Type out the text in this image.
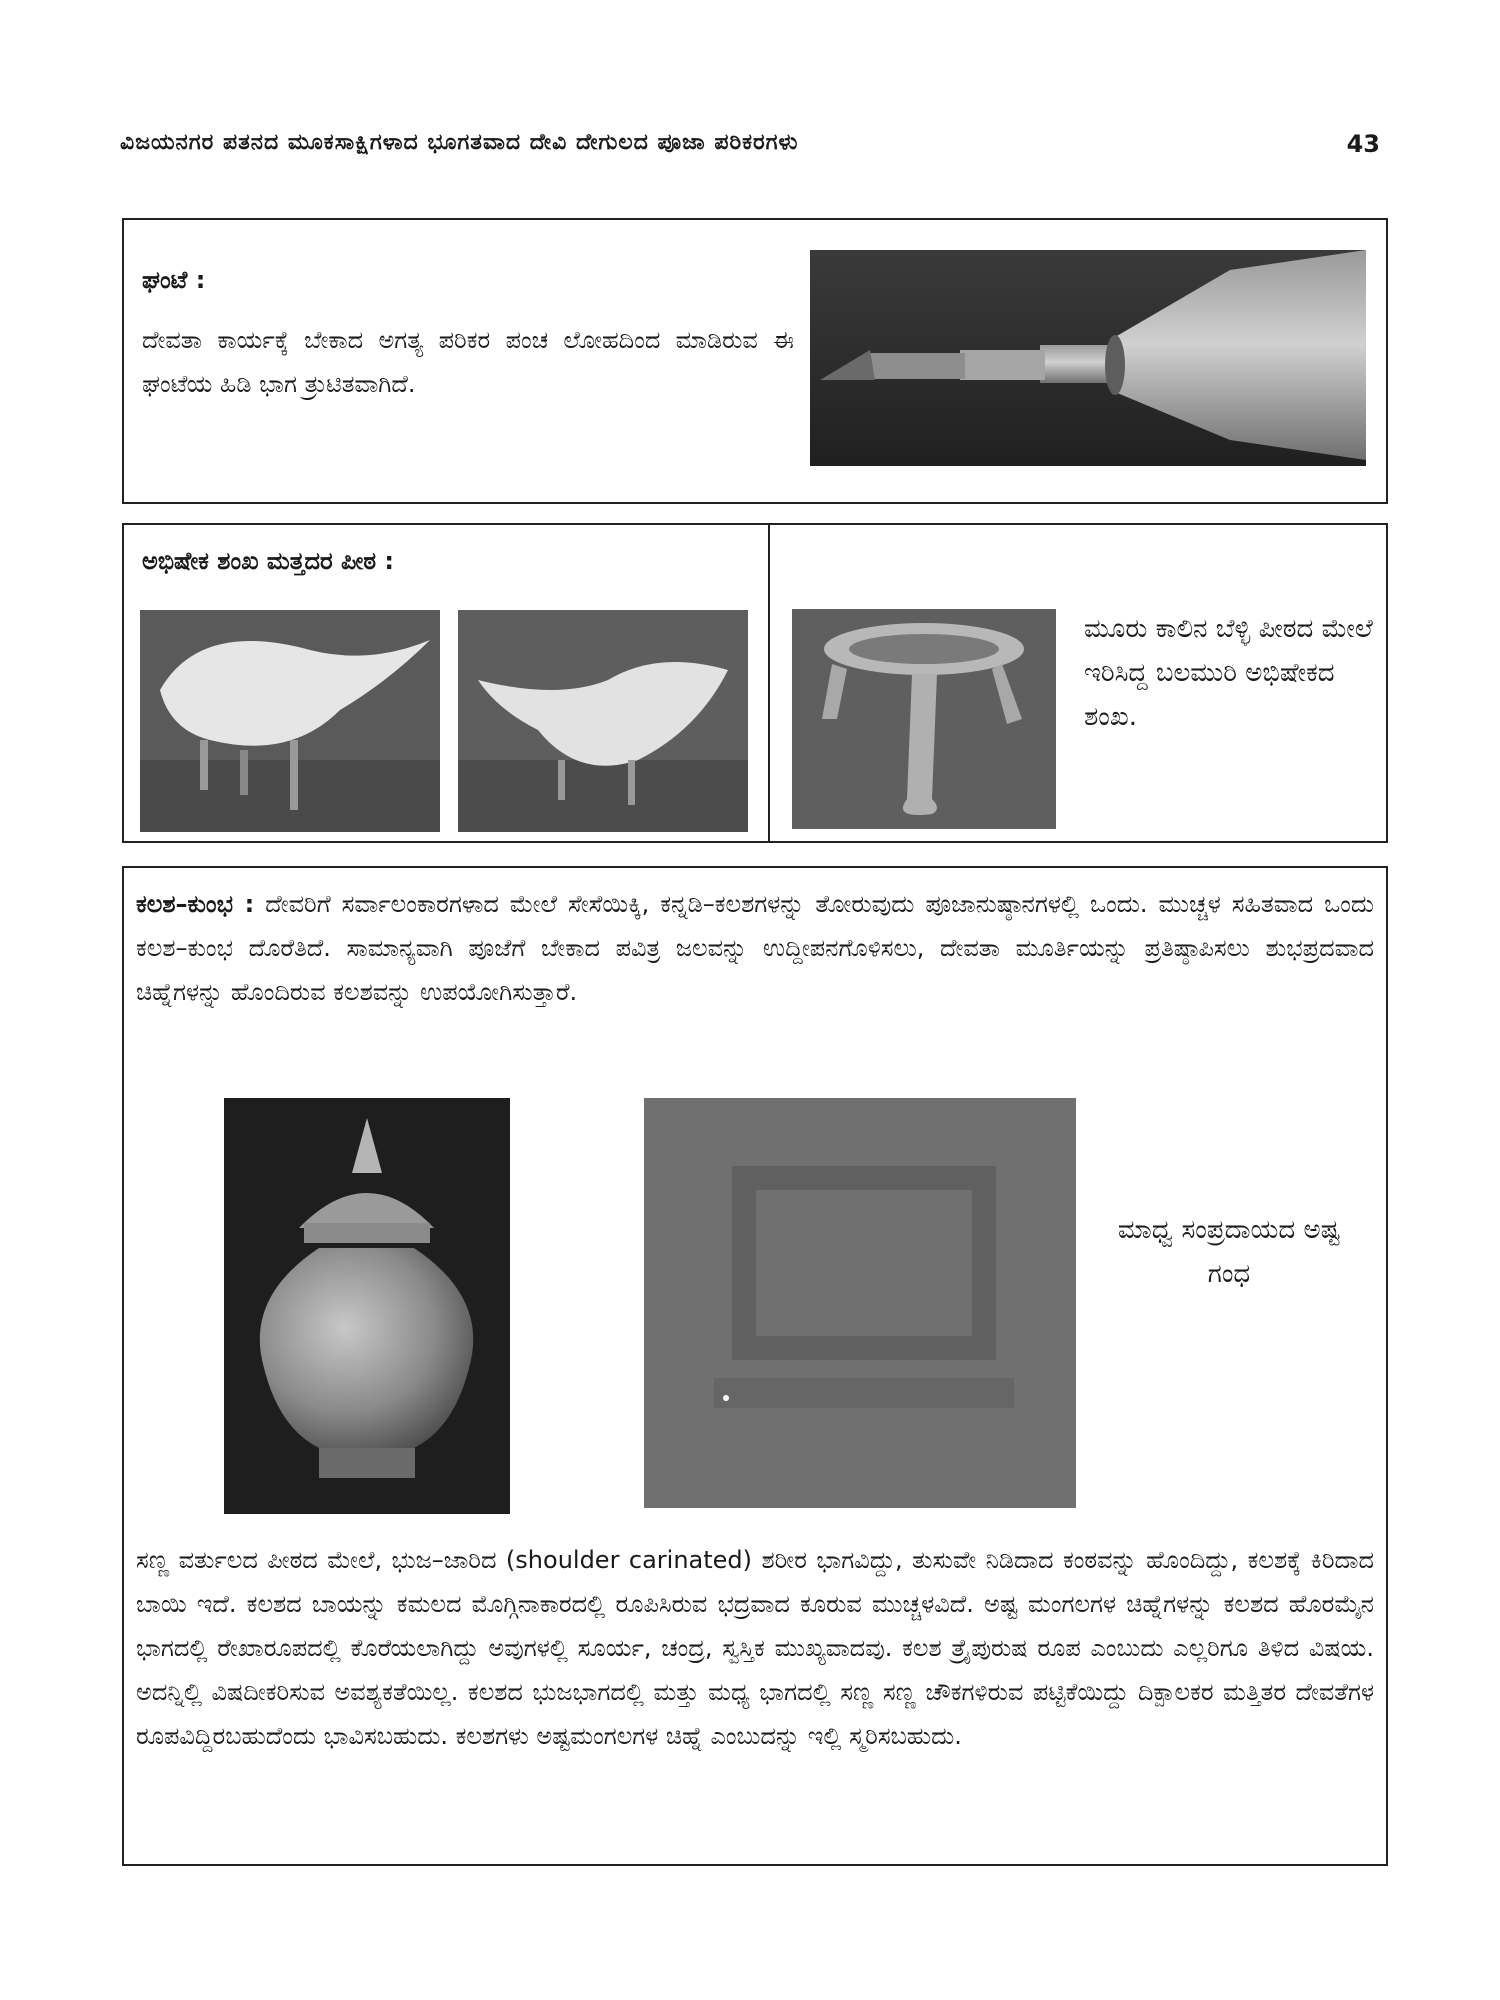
ವಿಜಯನಗರ ಪತನದ ಮೂಕಸಾಕ್ಷಿಗಳಾದ ಭೂಗತವಾದ ದೇವಿ ದೇಗುಲದ ಪೂಜಾ ಪರಿಕರಗಳು	43
ಘಂಟೆ :
ದೇವತಾ ಕಾರ್ಯಕ್ಕೆ ಬೇಕಾದ ಅಗತ್ಯ ಪರಿಕರ ಪಂಚ ಲೋಹದಿಂದ ಮಾಡಿರುವ ಈ ಘಂಟೆಯ ಹಿಡಿ ಭಾಗ ತ್ರುಟಿತವಾಗಿದೆ.
ಅಭಿಷೇಕ ಶಂಖ ಮತ್ತದರ ಪೀಠ :
ಮೂರು ಕಾಲಿನ ಬೆಳ್ಳಿ ಪೀಠದ ಮೇಲೆ ಇರಿಸಿದ್ದ ಬಲಮುರಿ ಅಭಿಷೇಕದ ಶಂಖ.
ಕಲಶ–ಕುಂಭ : ದೇವರಿಗೆ ಸರ್ವಾಲಂಕಾರಗಳಾದ ಮೇಲೆ ಸೇಸೆಯಿಕ್ಕಿ, ಕನ್ನಡಿ–ಕಲಶಗಳನ್ನು ತೋರುವುದು ಪೂಜಾನುಷ್ಠಾನಗಳಲ್ಲಿ ಒಂದು. ಮುಚ್ಚಳ ಸಹಿತವಾದ ಒಂದು ಕಲಶ–ಕುಂಭ ದೊರೆತಿದೆ. ಸಾಮಾನ್ಯವಾಗಿ ಪೂಜೆಗೆ ಬೇಕಾದ ಪವಿತ್ರ ಜಲವನ್ನು ಉದ್ದೀಪನಗೊಳಿಸಲು, ದೇವತಾ ಮೂರ್ತಿಯನ್ನು ಪ್ರತಿಷ್ಠಾಪಿಸಲು ಶುಭಪ್ರದವಾದ ಚಿಹ್ನೆಗಳನ್ನು ಹೊಂದಿರುವ ಕಲಶವನ್ನು ಉಪಯೋಗಿಸುತ್ತಾರೆ.
ಮಾಧ್ವ ಸಂಪ್ರದಾಯದ ಅಷ್ಟ ಗಂಧ
ಸಣ್ಣ ವರ್ತುಲದ ಪೀಠದ ಮೇಲೆ, ಭುಜ–ಜಾರಿದ (shoulder carinated) ಶರೀರ ಭಾಗವಿದ್ದು, ತುಸುವೇ ನಿಡಿದಾದ ಕಂಠವನ್ನು ಹೊಂದಿದ್ದು, ಕಲಶಕ್ಕೆ ಕಿರಿದಾದ ಬಾಯಿ ಇದೆ. ಕಲಶದ ಬಾಯನ್ನು ಕಮಲದ ಮೊಗ್ಗಿನಾಕಾರದಲ್ಲಿ ರೂಪಿಸಿರುವ ಭದ್ರವಾದ ಕೂರುವ ಮುಚ್ಚಳವಿದೆ. ಅಷ್ಟ ಮಂಗಲಗಳ ಚಿಹ್ನೆಗಳನ್ನು ಕಲಶದ ಹೊರಮೈನ ಭಾಗದಲ್ಲಿ ರೇಖಾರೂಪದಲ್ಲಿ ಕೊರೆಯಲಾಗಿದ್ದು ಅವುಗಳಲ್ಲಿ ಸೂರ್ಯ, ಚಂದ್ರ, ಸ್ವಸ್ತಿಕ ಮುಖ್ಯವಾದವು. ಕಲಶ ತ್ರೈಪುರುಷ ರೂಪ ಎಂಬುದು ಎಲ್ಲರಿಗೂ ತಿಳಿದ ವಿಷಯ. ಅದನ್ನಿಲ್ಲಿ ವಿಷದೀಕರಿಸುವ ಅವಶ್ಯಕತೆಯಿಲ್ಲ. ಕಲಶದ ಭುಜಭಾಗದಲ್ಲಿ ಮತ್ತು ಮಧ್ಯ ಭಾಗದಲ್ಲಿ ಸಣ್ಣ ಸಣ್ಣ ಚೌಕಗಳಿರುವ ಪಟ್ಟಿಕೆಯಿದ್ದು ದಿಕ್ಪಾಲಕರ ಮತ್ತಿತರ ದೇವತೆಗಳ ರೂಪವಿದ್ದಿರಬಹುದೆಂದು ಭಾವಿಸಬಹುದು. ಕಲಶಗಳು ಅಷ್ಟಮಂಗಲಗಳ ಚಿಹ್ನೆ ಎಂಬುದನ್ನು ಇಲ್ಲಿ ಸ್ಮರಿಸಬಹುದು.
